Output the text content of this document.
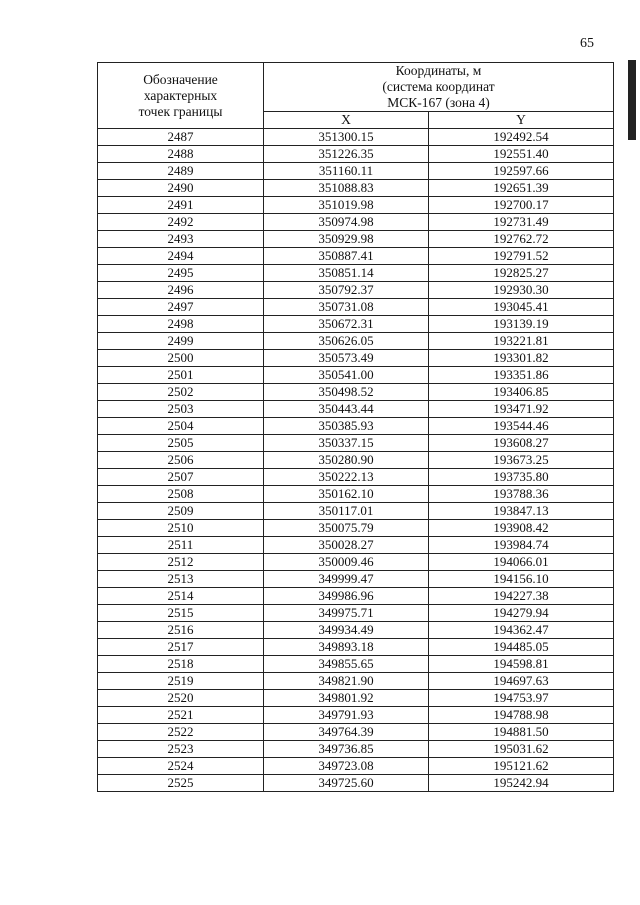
65
Обозначение
характерных
точек границы	Координаты, м
(система координат
МСК-167 (зона 4)	

	X	Y
2487	351300.15	192492.54
2488	351226.35	192551.40
2489	351160.11	192597.66
2490	351088.83	192651.39
2491	351019.98	192700.17
2492	350974.98	192731.49
2493	350929.98	192762.72
2494	350887.41	192791.52
2495	350851.14	192825.27
2496	350792.37	192930.30
2497	350731.08	193045.41
2498	350672.31	193139.19
2499	350626.05	193221.81
2500	350573.49	193301.82
2501	350541.00	193351.86
2502	350498.52	193406.85
2503	350443.44	193471.92
2504	350385.93	193544.46
2505	350337.15	193608.27
2506	350280.90	193673.25
2507	350222.13	193735.80
2508	350162.10	193788.36
2509	350117.01	193847.13
2510	350075.79	193908.42
2511	350028.27	193984.74
2512	350009.46	194066.01
2513	349999.47	194156.10
2514	349986.96	194227.38
2515	349975.71	194279.94
2516	349934.49	194362.47
2517	349893.18	194485.05
2518	349855.65	194598.81
2519	349821.90	194697.63
2520	349801.92	194753.97
2521	349791.93	194788.98
2522	349764.39	194881.50
2523	349736.85	195031.62
2524	349723.08	195121.62
2525	349725.60	195242.94
